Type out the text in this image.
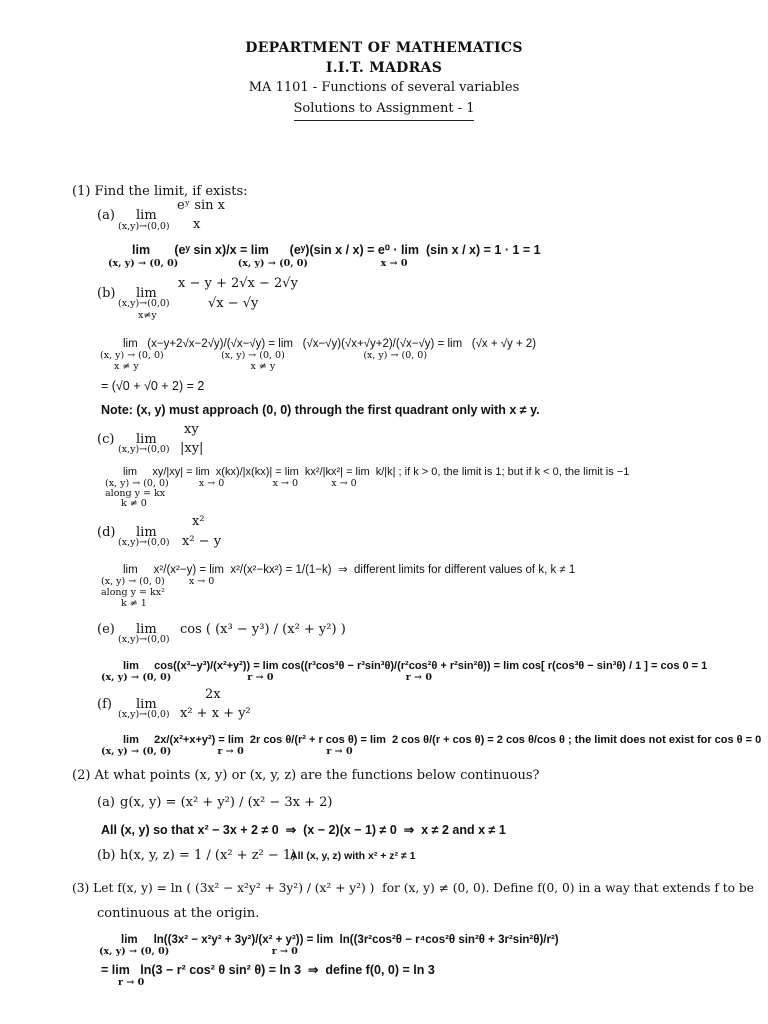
DEPARTMENT OF MATHEMATICS
I.I.T. MADRAS
MA 1101 - Functions of several variables
Solutions to Assignment - 1
(1) Find the limit, if exists:
(a) lim
(x,y)→(0,0)
eʸ sin x
x
lim       (eʸ sin x)/x = lim      (eʸ)(sin x / x) = e⁰ · lim  (sin x / x) = 1 · 1 = 1
(x, y) → (0, 0)                  (x, y) → (0, 0)                      x → 0
(b) lim
(x,y)→(0,0)
x≠y
x − y + 2√x − 2√y
√x − √y
lim   (x−y+2√x−2√y)/(√x−√y) = lim   (√x−√y)(√x+√y+2)/(√x−√y) = lim   (√x + √y + 2)
(x, y) → (0, 0)                   (x, y) → (0, 0)                          (x, y) → (0, 0)
x ≠ y                                     x ≠ y
= (√0 + √0 + 2) = 2
Note: (x, y) must approach (0, 0) through the first quadrant only with x ≠ y.
(c) lim
(x,y)→(0,0)
xy
|xy|
lim     xy/|xy| = lim  x(kx)/|x(kx)| = lim  kx²/|kx²| = lim  k/|k| ; if k > 0, the limit is 1; but if k < 0, the limit is −1
(x, y) → (0, 0)          x → 0                x → 0           x → 0
along y = kx
k ≠ 0
(d) lim
(x,y)→(0,0)
x²
x² − y
lim     x²/(x²−y) = lim  x²/(x²−kx²) = 1/(1−k)  ⇒  different limits for different values of k, k ≠ 1
(x, y) → (0, 0)        x → 0
along y = kx²
k ≠ 1
(e) lim
(x,y)→(0,0)
cos ( (x³ − y³) / (x² + y²) )
lim     cos((x³−y³)/(x²+y²)) = lim cos((r³cos³θ − r³sin³θ)/(r²cos²θ + r²sin²θ)) = lim cos[ r(cos³θ − sin³θ) / 1 ] = cos 0 = 1
(x, y) → (0, 0)                       r → 0                                        r → 0
(f) lim
(x,y)→(0,0)
2x
x² + x + y²
lim     2x/(x²+x+y²) = lim  2r cos θ/(r² + r cos θ) = lim  2 cos θ/(r + cos θ) = 2 cos θ/cos θ ; the limit does not exist for cos θ = 0
(x, y) → (0, 0)              r → 0                         r → 0
(2) At what points (x, y) or (x, y, z) are the functions below continuous?
(a) g(x, y) = (x² + y²) / (x² − 3x + 2)
All (x, y) so that x² − 3x + 2 ≠ 0  ⇒  (x − 2)(x − 1) ≠ 0  ⇒  x ≠ 2 and x ≠ 1
(b) h(x, y, z) = 1 / (x² + z² − 1)
All (x, y, z) with x² + z² ≠ 1
(3) Let f(x, y) = ln ( (3x² − x²y² + 3y²) / (x² + y²) )  for (x, y) ≠ (0, 0). Define f(0, 0) in a way that extends f to be
continuous at the origin.
lim     ln((3x² − x²y² + 3y²)/(x² + y²)) = lim  ln((3r²cos²θ − r⁴cos²θ sin²θ + 3r²sin²θ)/r²)
(x, y) → (0, 0)                               r → 0
= lim   ln(3 − r² cos² θ sin² θ) = ln 3  ⇒  define f(0, 0) = ln 3
r → 0
